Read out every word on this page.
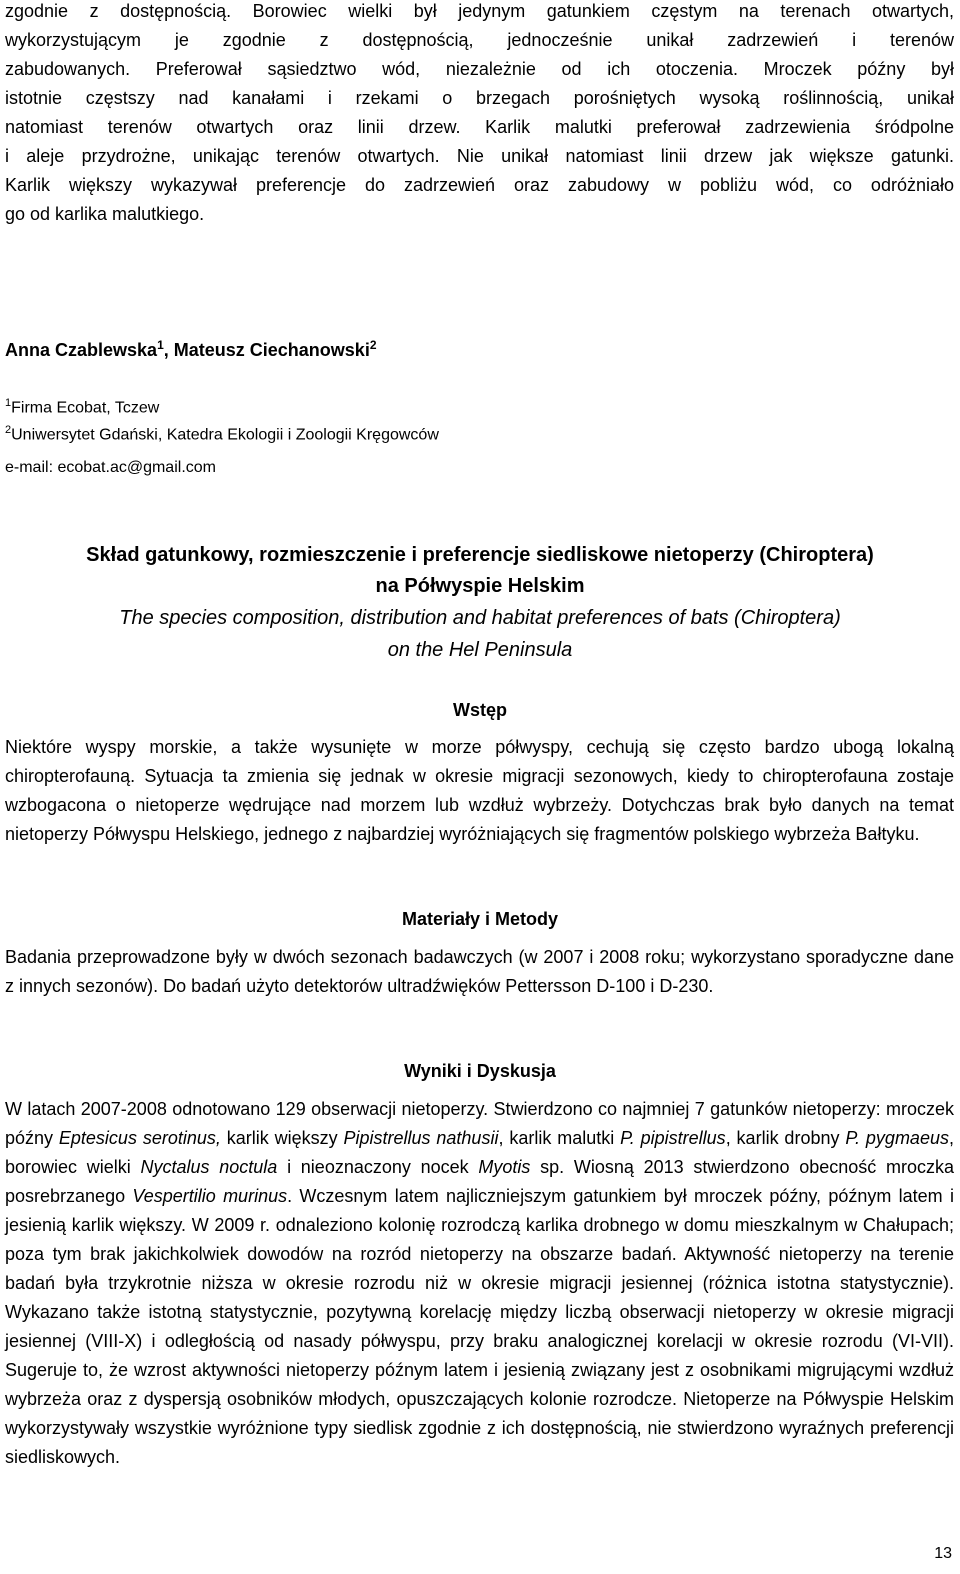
zgodnie z dostępnością. Borowiec wielki był jedynym gatunkiem częstym na terenach otwartych,

wykorzystującym je zgodnie z dostępnością, jednocześnie unikał zadrzewień i terenów

zabudowanych. Preferował sąsiedztwo wód, niezależnie od ich otoczenia. Mroczek późny był

istotnie częstszy nad kanałami i rzekami o brzegach porośniętych wysoką roślinnością, unikał

natomiast terenów otwartych oraz linii drzew. Karlik malutki preferował zadrzewienia śródpolne

i aleje przydrożne, unikając terenów otwartych. Nie unikał natomiast linii drzew jak większe gatunki.

Karlik większy wykazywał preferencje do zadrzewień oraz zabudowy w pobliżu wód, co odróżniało

go od karlika malutkiego.

Anna Czablewska$^1$, Mateusz Ciechanowski$^2$

$^1$Firma Ecobat, Tczew

$^2$Uniwersytet Gdański, Katedra Ekologii i Zoologii Kręgowców

e-mail: ecobat.ac@gmail.com

Skład gatunkowy, rozmieszczenie i preferencje siedliskowe nietoperzy (Chiroptera)

na Półwyspie Helskim

The species composition, distribution and habitat preferences of bats (Chiroptera)

on the Hel Peninsula

Wstęp

Niektóre wyspy morskie, a także wysunięte w morze półwyspy, cechują się często bardzo ubogą lokalną chiropterofauną. Sytuacja ta zmienia się jednak w okresie migracji sezonowych, kiedy to chiropterofauna zostaje wzbogacona o nietoperze wędrujące nad morzem lub wzdłuż wybrzeży. Dotychczas brak było danych na temat nietoperzy Półwyspu Helskiego, jednego z najbardziej wyróżniających się fragmentów polskiego wybrzeża Bałtyku.

Materiały i Metody

Badania przeprowadzone były w dwóch sezonach badawczych (w 2007 i 2008 roku; wykorzystano sporadyczne dane z innych sezonów). Do badań użyto detektorów ultradźwięków Pettersson D-100 i D-230.

Wyniki i Dyskusja

W latach 2007-2008 odnotowano 129 obserwacji nietoperzy. Stwierdzono co najmniej 7 gatunków nietoperzy: mroczek późny Eptesicus serotinus, karlik większy Pipistrellus nathusii, karlik malutki P. pipistrellus, karlik drobny P. pygmaeus, borowiec wielki Nyctalus noctula i nieoznaczony nocek Myotis sp. Wiosną 2013 stwierdzono obecność mroczka posrebrzanego Vespertilio murinus. Wczesnym latem najliczniejszym gatunkiem był mroczek późny, późnym latem i jesienią karlik większy. W 2009 r. odnaleziono kolonię rozrodczą karlika drobnego w domu mieszkalnym w Chałupach; poza tym brak jakichkolwiek dowodów na rozród nietoperzy na obszarze badań. Aktywność nietoperzy na terenie badań była trzykrotnie niższa w okresie rozrodu niż w okresie migracji jesiennej (różnica istotna statystycznie). Wykazano także istotną statystycznie, pozytywną korelację między liczbą obserwacji nietoperzy w okresie migracji jesiennej (VIII-X) i odległością od nasady półwyspu, przy braku analogicznej korelacji w okresie rozrodu (VI-VII). Sugeruje to, że wzrost aktywności nietoperzy późnym latem i jesienią związany jest z osobnikami migrującymi wzdłuż wybrzeża oraz z dyspersją osobników młodych, opuszczających kolonie rozrodcze. Nietoperze na Półwyspie Helskim wykorzystywały wszystkie wyróżnione typy siedlisk zgodnie z ich dostępnością, nie stwierdzono wyraźnych preferencji siedliskowych.

13
